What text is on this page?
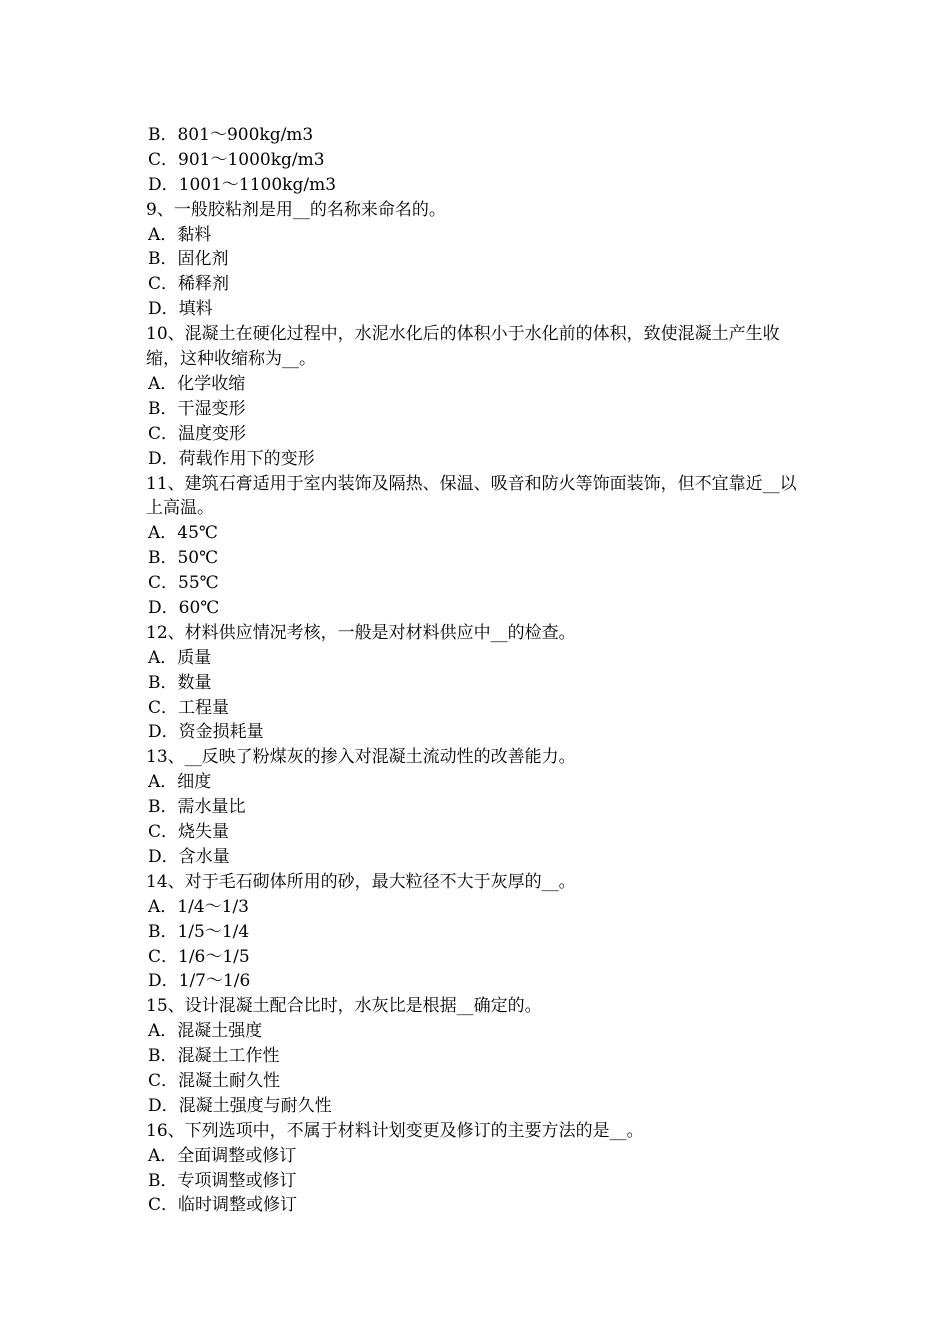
B．801～900kg/m3
C．901～1000kg/m3
D．1001～1100kg/m3
9、一般胶粘剂是用__的名称来命名的。
A．黏料
B．固化剂
C．稀释剂
D．填料
10、混凝土在硬化过程中，水泥水化后的体积小于水化前的体积，致使混凝土产生收缩，这种收缩称为__。
A．化学收缩
B．干湿变形
C．温度变形
D．荷载作用下的变形
11、建筑石膏适用于室内装饰及隔热、保温、吸音和防火等饰面装饰，但不宜靠近__以上高温。
A．45℃
B．50℃
C．55℃
D．60℃
12、材料供应情况考核，一般是对材料供应中__的检查。
A．质量
B．数量
C．工程量
D．资金损耗量
13、__反映了粉煤灰的掺入对混凝土流动性的改善能力。
A．细度
B．需水量比
C．烧失量
D．含水量
14、对于毛石砌体所用的砂，最大粒径不大于灰厚的__。
A．1/4～1/3
B．1/5～1/4
C．1/6～1/5
D．1/7～1/6
15、设计混凝土配合比时，水灰比是根据__确定的。
A．混凝土强度
B．混凝土工作性
C．混凝土耐久性
D．混凝土强度与耐久性
16、下列选项中，不属于材料计划变更及修订的主要方法的是__。
A．全面调整或修订
B．专项调整或修订
C．临时调整或修订
